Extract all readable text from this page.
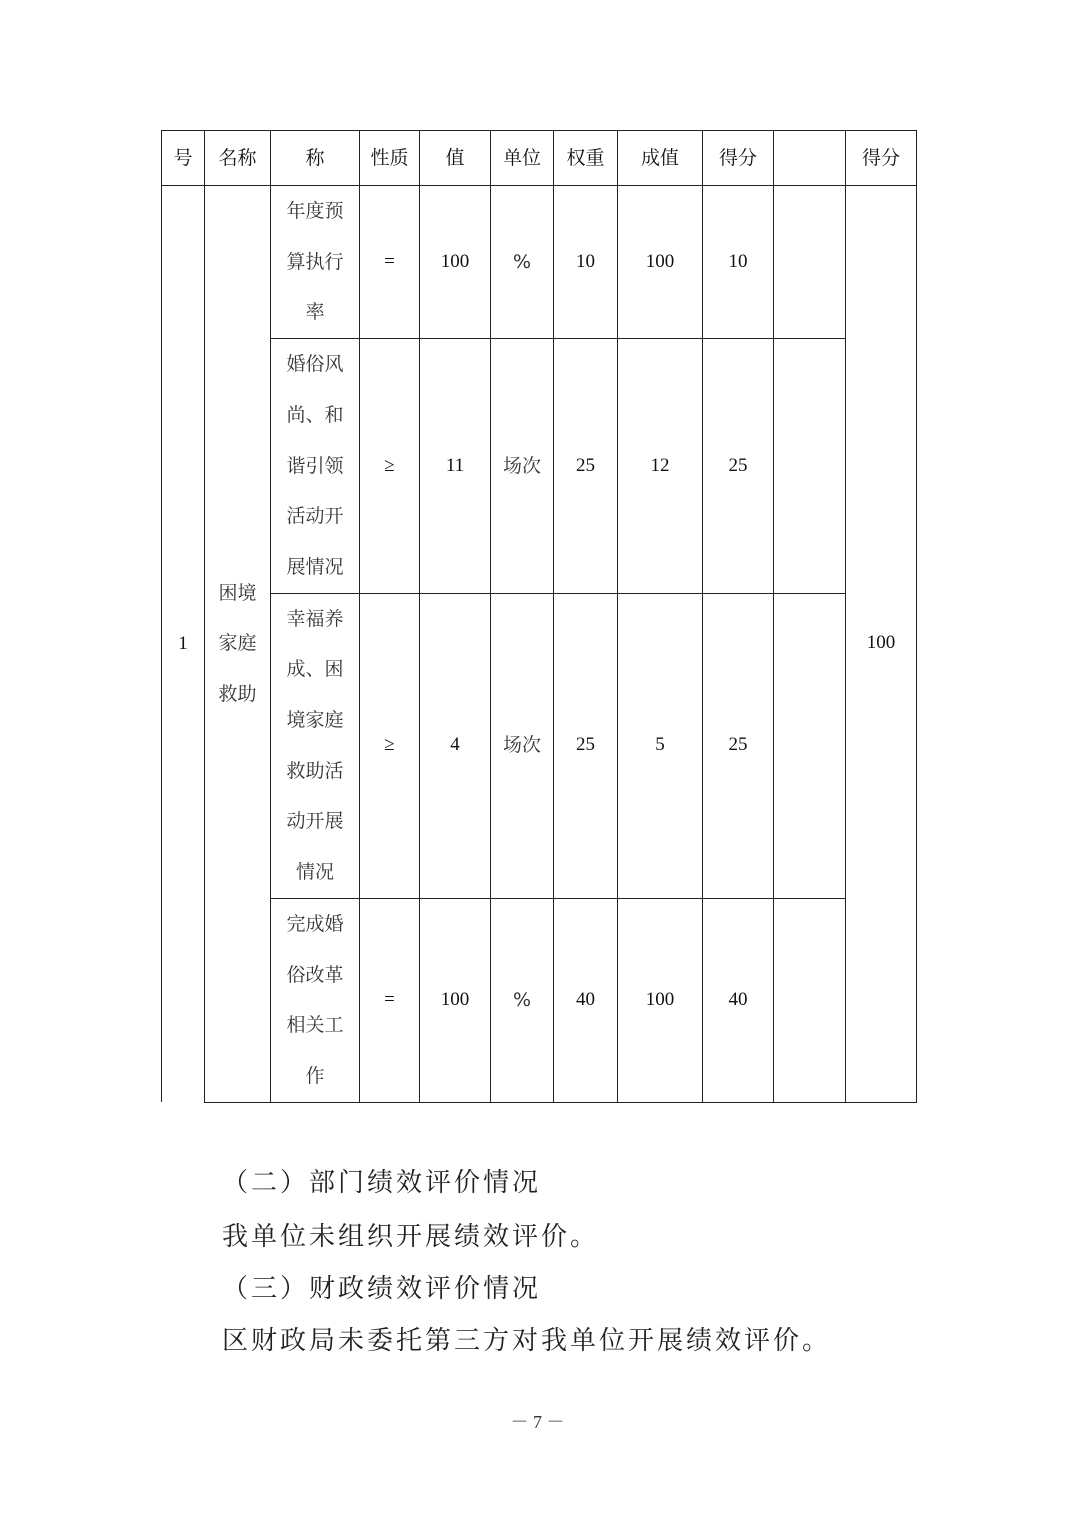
号	名称	称	性质	值	单位	权重	成值	得分		得分
1	困境家庭救助	年度预算执行率	=	100	%	10	100	10		100
		婚俗风尚、和谐引领活动开展情况	≥	11	场次	25	12	25		
		幸福养成、困境家庭救助活动开展情况	≥	4	场次	25	5	25		
		完成婚俗改革相关工作	=	100	%	40	100	40		

（二）部门绩效评价情况

我单位未组织开展绩效评价。

（三）财政绩效评价情况

区财政局未委托第三方对我单位开展绩效评价。

－ 7 －
